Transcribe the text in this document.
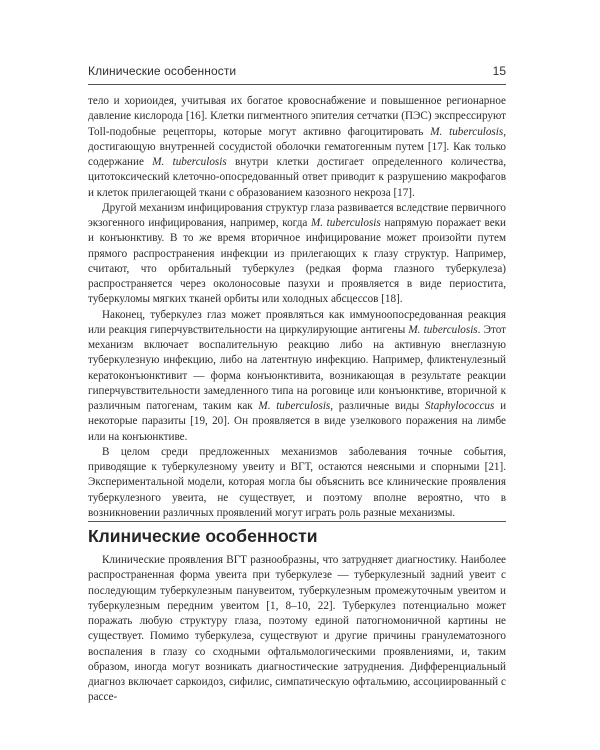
Клинические особенности	15

тело и хориоидея, учитывая их богатое кровоснабжение и повышенное регионарное давление кислорода [16]. Клетки пигментного эпителия сетчатки (ПЭС) экспрессируют Toll-подобные рецепторы, которые могут активно фагоцитировать M. tuberculosis, достигающую внутренней сосудистой оболочки гематогенным путем [17]. Как только содержание M. tuberculosis внутри клетки достигает определенного количества, цитотоксический клеточно-опосредованный ответ приводит к разрушению макрофагов и клеток прилегающей ткани с образованием казозного некроза [17].

Другой механизм инфицирования структур глаза развивается вследствие первичного экзогенного инфицирования, например, когда M. tuberculosis напрямую поражает веки и конъюнктиву. В то же время вторичное инфицирование может произойти путем прямого распространения инфекции из прилегающих к глазу структур. Например, считают, что орбитальный туберкулез (редкая форма глазного туберкулеза) распространяется через околоносовые пазухи и проявляется в виде периостита, туберкуломы мягких тканей орбиты или холодных абсцессов [18].

Наконец, туберкулез глаз может проявляться как иммуноопосредованная реакция или реакция гиперчувствительности на циркулирующие антигены M. tuberculosis. Этот механизм включает воспалительную реакцию либо на активную внеглазную туберкулезную инфекцию, либо на латентную инфекцию. Например, фликтенулезный кератоконъюнктивит — форма конъюнктивита, возникающая в результате реакции гиперчувствительности замедленного типа на роговице или конъюнктиве, вторичной к различным патогенам, таким как M. tuberculosis, различные виды Staphylococcus и некоторые паразиты [19, 20]. Он проявляется в виде узелкового поражения на лимбе или на конъюнктиве.

В целом среди предложенных механизмов заболевания точные события, приводящие к туберкулезному увеиту и ВГТ, остаются неясными и спорными [21]. Экспериментальной модели, которая могла бы объяснить все клинические проявления туберкулезного увеита, не существует, и поэтому вполне вероятно, что в возникновении различных проявлений могут играть роль разные механизмы.

Клинические особенности

Клинические проявления ВГТ разнообразны, что затрудняет диагностику. Наиболее распространенная форма увеита при туберкулезе — туберкулезный задний увеит с последующим туберкулезным панувеитом, туберкулезным промежуточным увеитом и туберкулезным передним увеитом [1, 8–10, 22]. Туберкулез потенциально может поражать любую структуру глаза, поэтому единой патогномоничной картины не существует. Помимо туберкулеза, существуют и другие причины гранулематозного воспаления в глазу со сходными офтальмологическими проявлениями, и, таким образом, иногда могут возникать диагностические затруднения. Дифференциальный диагноз включает саркоидоз, сифилис, симпатическую офтальмию, ассоциированный с рассе-
